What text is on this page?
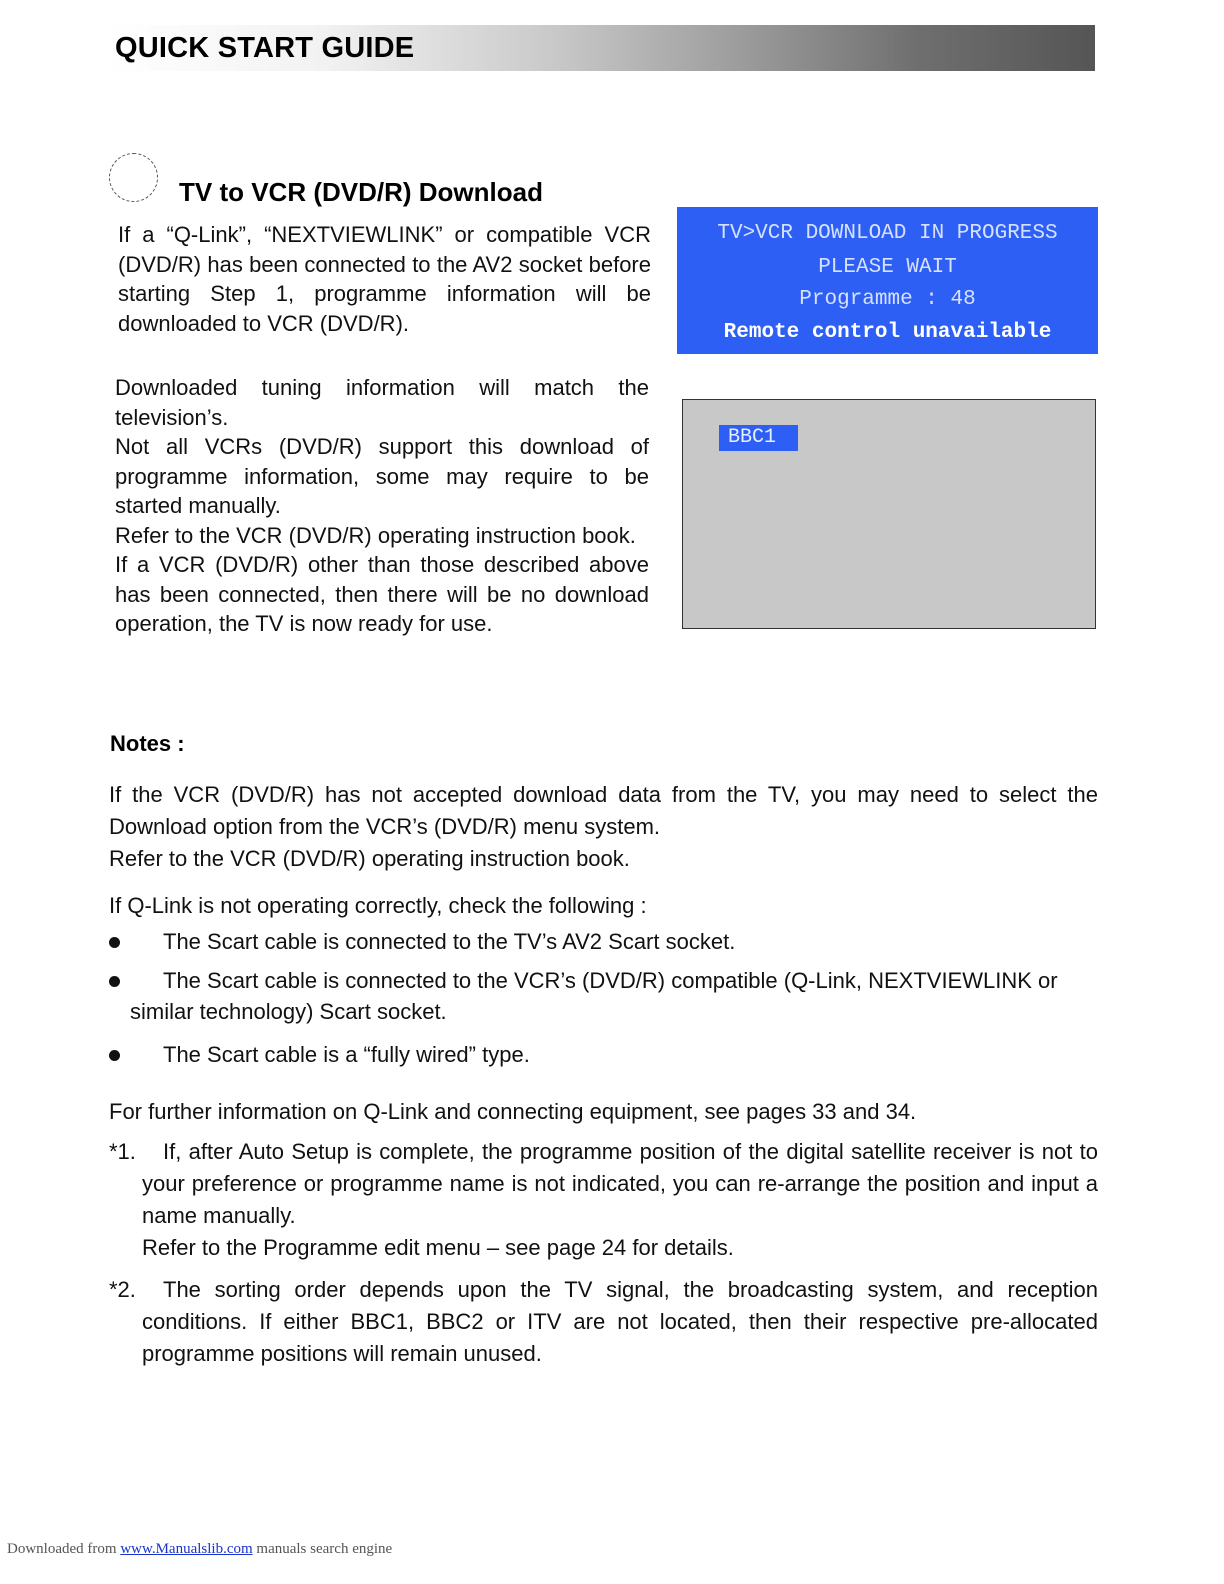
QUICK START GUIDE
TV to VCR (DVD/R) Download

If a “Q-Link”, “NEXTVIEWLINK” or compatible VCR (DVD/R) has been connected to the AV2 socket before starting Step 1, programme information will be downloaded to VCR (DVD/R).

Downloaded tuning information will match the television’s.

Not all VCRs (DVD/R) support this download of programme information, some may require to be started manually.

Refer to the VCR (DVD/R) operating instruction book.

If a VCR (DVD/R) other than those described above has been connected, then there will be no download operation, the TV is now ready for use.

TV>VCR DOWNLOAD IN PROGRESS
PLEASE WAIT
Programme : 48
Remote control unavailable
BBC1
Notes :

If the VCR (DVD/R) has not accepted download data from the TV, you may need to select the Download option from the VCR’s (DVD/R) menu system.

Refer to the VCR (DVD/R) operating instruction book.

If Q-Link is not operating correctly, check the following :
The Scart cable is connected to the TV’s AV2 Scart socket.
The Scart cable is connected to the VCR’s (DVD/R) compatible (Q-Link, NEXTVIEWLINK or
similar technology) Scart socket.
The Scart cable is a “fully wired” type.
For further information on Q-Link and connecting equipment, see pages 33 and 34.
*1.	If, after Auto Setup is complete, the programme position of the digital satellite receiver is not to your preference or programme name is not indicated, you can re-arrange the position and input a name manually.

Refer to the Programme edit menu – see page 24 for details.

*2.	The sorting order depends upon the TV signal, the broadcasting system, and reception conditions. If either BBC1, BBC2 or ITV are not located, then their respective pre-allocated programme positions will remain unused.

Downloaded from www.Manualslib.com manuals search engine
